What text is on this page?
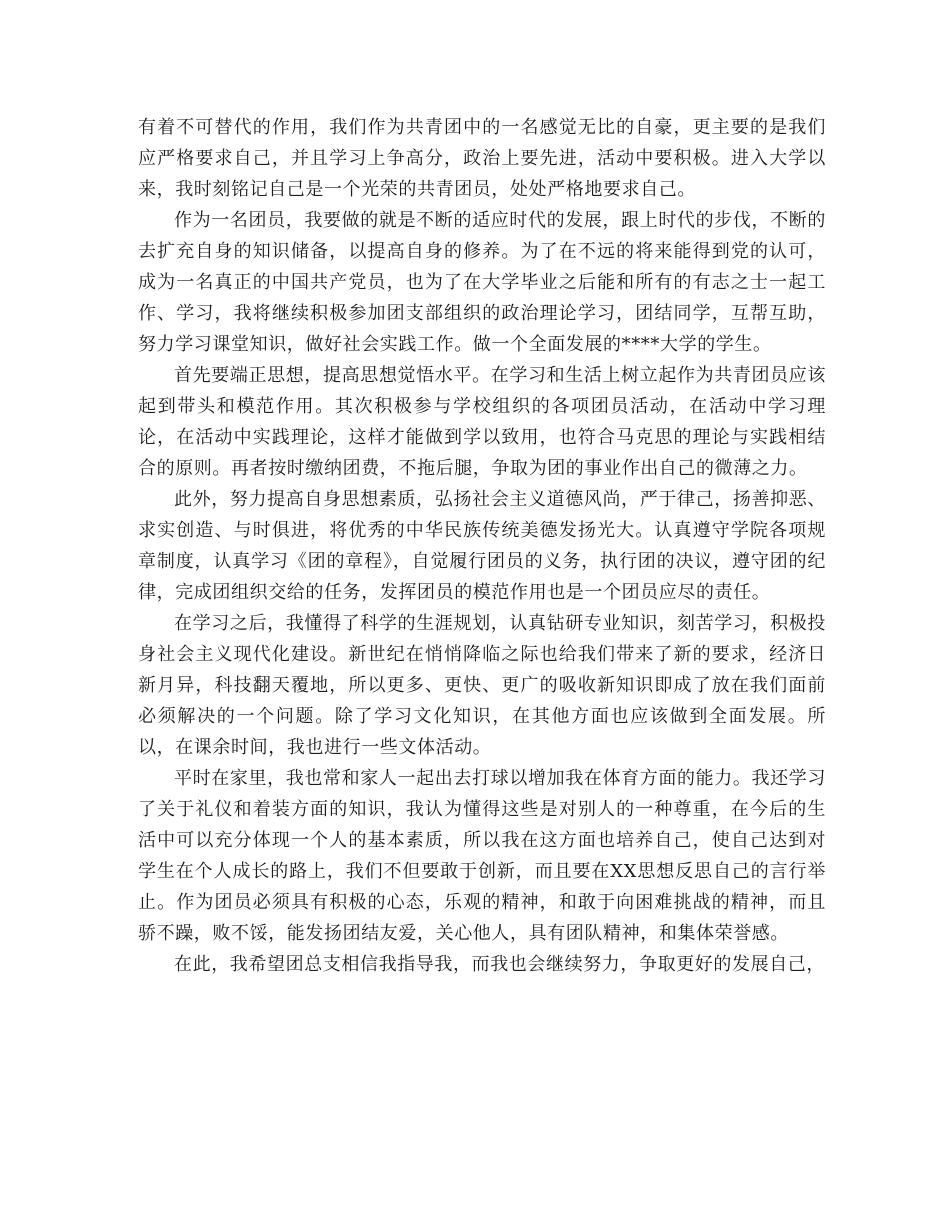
有着不可替代的作用，我们作为共青团中的一名感觉无比的自豪，更主要的是我们应严格要求自己，并且学习上争高分，政治上要先进，活动中要积极。进入大学以来，我时刻铭记自己是一个光荣的共青团员，处处严格地要求自己。

作为一名团员，我要做的就是不断的适应时代的发展，跟上时代的步伐，不断的去扩充自身的知识储备，以提高自身的修养。为了在不远的将来能得到党的认可，成为一名真正的中国共产党员，也为了在大学毕业之后能和所有的有志之士一起工作、学习，我将继续积极参加团支部组织的政治理论学习，团结同学，互帮互助，努力学习课堂知识，做好社会实践工作。做一个全面发展的****大学的学生。

首先要端正思想，提高思想觉悟水平。在学习和生活上树立起作为共青团员应该起到带头和模范作用。其次积极参与学校组织的各项团员活动，在活动中学习理论，在活动中实践理论，这样才能做到学以致用，也符合马克思的理论与实践相结合的原则。再者按时缴纳团费，不拖后腿，争取为团的事业作出自己的微薄之力。

此外，努力提高自身思想素质，弘扬社会主义道德风尚，严于律己，扬善抑恶、求实创造、与时俱进，将优秀的中华民族传统美德发扬光大。认真遵守学院各项规章制度，认真学习《团的章程》，自觉履行团员的义务，执行团的决议，遵守团的纪律，完成团组织交给的任务，发挥团员的模范作用也是一个团员应尽的责任。

在学习之后，我懂得了科学的生涯规划，认真钻研专业知识，刻苦学习，积极投身社会主义现代化建设。新世纪在悄悄降临之际也给我们带来了新的要求，经济日新月异，科技翻天覆地，所以更多、更快、更广的吸收新知识即成了放在我们面前必须解决的一个问题。除了学习文化知识，在其他方面也应该做到全面发展。所以，在课余时间，我也进行一些文体活动。

平时在家里，我也常和家人一起出去打球以增加我在体育方面的能力。我还学习了关于礼仪和着装方面的知识，我认为懂得这些是对别人的一种尊重，在今后的生活中可以充分体现一个人的基本素质，所以我在这方面也培养自己，使自己达到对学生在个人成长的路上，我们不但要敢于创新，而且要在XX思想反思自己的言行举止。作为团员必须具有积极的心态，乐观的精神，和敢于向困难挑战的精神，而且骄不躁，败不馁，能发扬团结友爱，关心他人，具有团队精神，和集体荣誉感。

在此，我希望团总支相信我指导我，而我也会继续努力，争取更好的发展自己，
